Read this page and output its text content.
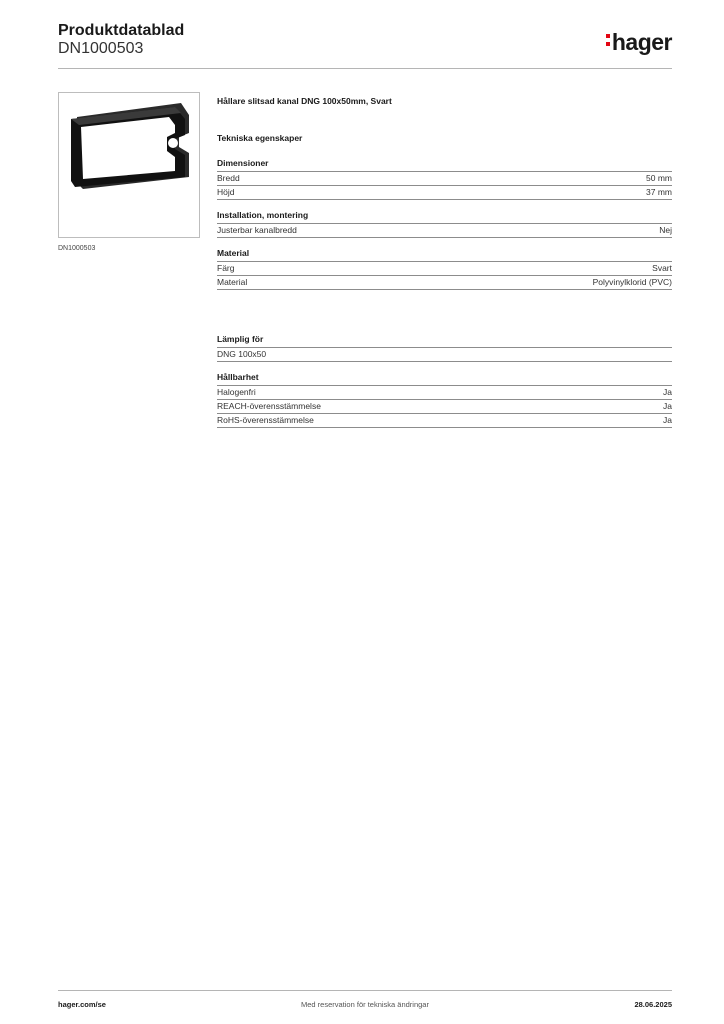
Produktdatablad
DN1000503	hager
DN1000503
Hållare slitsad kanal DNG 100x50mm, Svart
Tekniska egenskaper
Dimensioner
Bredd	50 mm
Höjd	37 mm
Installation, montering
Justerbar kanalbredd	Nej
Material
Färg	Svart
Material	Polyvinylklorid (PVC)
Lämplig för
DNG 100x50
Hållbarhet
Halogenfri	Ja
REACH-överensstämmelse	Ja
RoHS-överensstämmelse	Ja
hager.com/se	Med reservation för tekniska ändringar	28.06.2025
